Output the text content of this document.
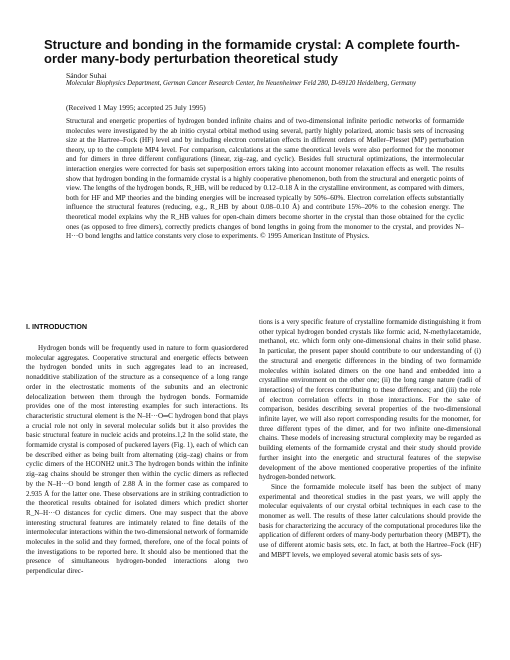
Structure and bonding in the formamide crystal: A complete fourth-order many-body perturbation theoretical study
Sándor Suhai
Molecular Biophysics Department, German Cancer Research Center, Im Neuenheimer Feld 280, D-69120 Heidelberg, Germany
(Received 1 May 1995; accepted 25 July 1995)

Structural and energetic properties of hydrogen bonded infinite chains and of two-dimensional infinite periodic networks of formamide molecules were investigated by the ab initio crystal orbital method using several, partly highly polarized, atomic basis sets of increasing size at the Hartree–Fock (HF) level and by including electron correlation effects in different orders of Møller–Plesset (MP) perturbation theory, up to the complete MP4 level. For comparison, calculations at the same theoretical levels were also performed for the monomer and for dimers in three different configurations (linear, zig–zag, and cyclic). Besides full structural optimizations, the intermolecular interaction energies were corrected for basis set superposition errors taking into account monomer relaxation effects as well. The results show that hydrogen bonding in the formamide crystal is a highly cooperative phenomenon, both from the structural and energetic points of view. The lengths of the hydrogen bonds, R_HB, will be reduced by 0.12–0.18 Å in the crystalline environment, as compared with dimers, both for HF and MP theories and the binding energies will be increased typically by 50%–60%. Electron correlation effects substantially influence the structural features (reducing, e.g., R_HB by about 0.08–0.10 Å) and contribute 15%–20% to the cohesion energy. The theoretical model explains why the R_HB values for open-chain dimers become shorter in the crystal than those obtained for the cyclic ones (as opposed to free dimers), correctly predicts changes of bond lengths in going from the monomer to the crystal, and provides N–H···O bond lengths and lattice constants very close to experiments. © 1995 American Institute of Physics.

I. INTRODUCTION

Hydrogen bonds will be frequently used in nature to form quasiordered molecular aggregates. Cooperative structural and energetic effects between the hydrogen bonded units in such aggregates lead to an increased, nonadditive stabilization of the structure as a consequence of a long range order in the electrostatic moments of the subunits and an electronic delocalization between them through the hydrogen bonds. Formamide provides one of the most interesting examples for such interactions. Its characteristic structural element is the N–H···O═C hydrogen bond that plays a crucial role not only in several molecular solids but it also provides the basic structural feature in nucleic acids and proteins.1,2 In the solid state, the formamide crystal is composed of puckered layers (Fig. 1), each of which can be described either as being built from alternating (zig–zag) chains or from cyclic dimers of the HCONH2 unit.3 The hydrogen bonds within the infinite zig–zag chains should be stronger then within the cyclic dimers as reflected by the N–H···O bond length of 2.88 Å in the former case as compared to 2.935 Å for the latter one. These observations are in striking contradiction to the theoretical results obtained for isolated dimers which predict shorter R_N–H···O distances for cyclic dimers. One may suspect that the above interesting structural features are intimately related to fine details of the intermolecular interactions within the two-dimensional network of formamide molecules in the solid and they formed, therefore, one of the focal points of the investigations to be reported here. It should also be mentioned that the presence of simultaneous hydrogen-bonded interactions along two perpendicular direc-

tions is a very specific feature of crystalline formamide distinguishing it from other typical hydrogen bonded crystals like formic acid, N-methylacetamide, methanol, etc. which form only one-dimensional chains in their solid phase. In particular, the present paper should contribute to our understanding of (i) the structural and energetic differences in the binding of two formamide molecules within isolated dimers on the one hand and embedded into a crystalline environment on the other one; (ii) the long range nature (radii of interactions) of the forces contributing to these differences; and (iii) the role of electron correlation effects in those interactions. For the sake of comparison, besides describing several properties of the two-dimensional infinite layer, we will also report corresponding results for the monomer, for three different types of the dimer, and for two infinite one-dimensional chains. These models of increasing structural complexity may be regarded as building elements of the formamide crystal and their study should provide further insight into the energetic and structural features of the stepwise development of the above mentioned cooperative properties of the infinite hydrogen-bonded network.

Since the formamide molecule itself has been the subject of many experimental and theoretical studies in the past years, we will apply the molecular equivalents of our crystal orbital techniques in each case to the monomer as well. The results of these latter calculations should provide the basis for characterizing the accuracy of the computational procedures like the application of different orders of many-body perturbation theory (MBPT), the use of different atomic basis sets, etc. In fact, at both the Hartree–Fock (HF) and MBPT levels, we employed several atomic basis sets of sys-
